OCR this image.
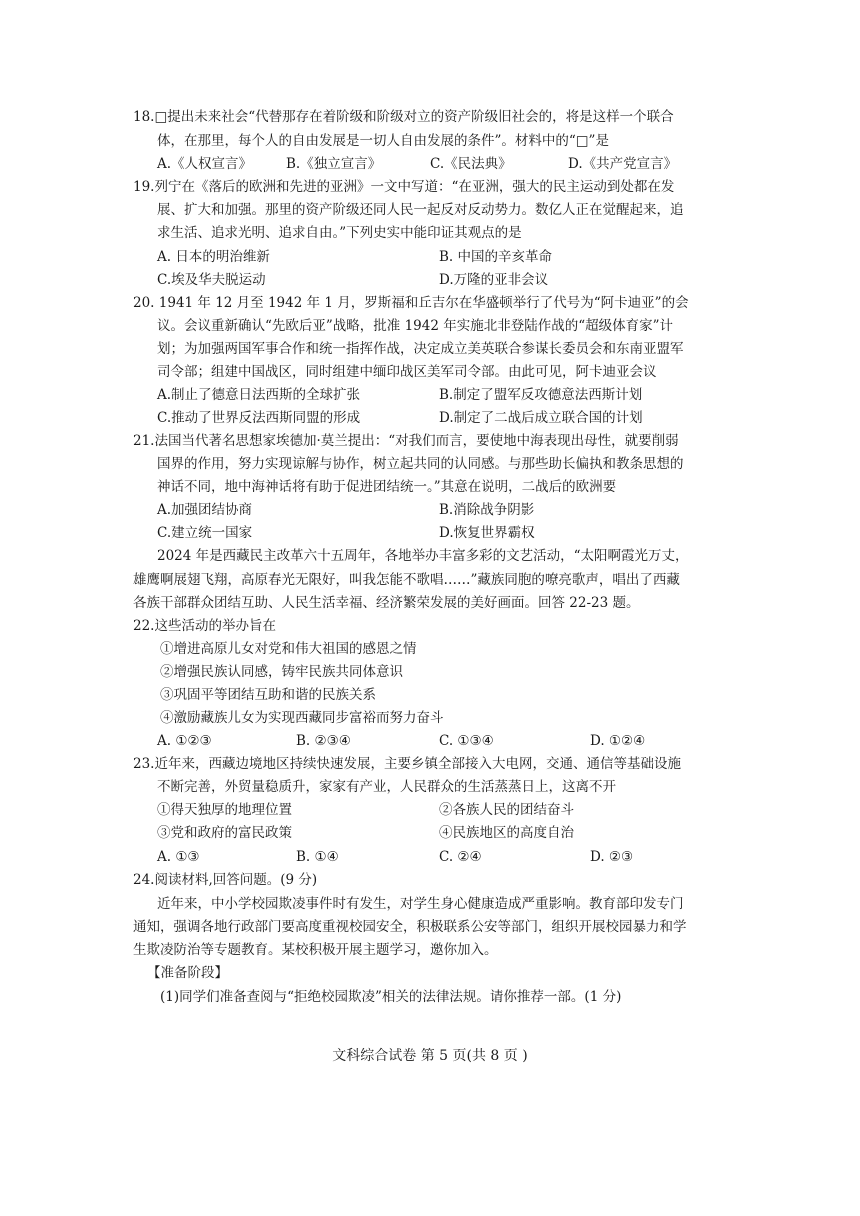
18.□提出未来社会“代替那存在着阶级和阶级对立的资产阶级旧社会的，将是这样一个联合
体，在那里，每个人的自由发展是一切人自由发展的条件”。材料中的“□”是
A.《人权宣言》	B.《独立宣言》	C.《民法典》	D.《共产党宣言》
19.列宁在《落后的欧洲和先进的亚洲》一文中写道：“在亚洲，强大的民主运动到处都在发
展、扩大和加强。那里的资产阶级还同人民一起反对反动势力。数亿人正在觉醒起来，追
求生活、追求光明、追求自由。”下列史实中能印证其观点的是
A. 日本的明治维新	B. 中国的辛亥革命
C.埃及华夫脱运动	D.万隆的亚非会议
20. 1941 年 12 月至 1942 年 1 月，罗斯福和丘吉尔在华盛顿举行了代号为“阿卡迪亚”的会
议。会议重新确认“先欧后亚”战略，批准 1942 年实施北非登陆作战的“超级体育家”计
划；为加强两国军事合作和统一指挥作战，决定成立美英联合参谋长委员会和东南亚盟军
司令部；组建中国战区，同时组建中缅印战区美军司令部。由此可见，阿卡迪亚会议
A.制止了德意日法西斯的全球扩张	B.制定了盟军反攻德意法西斯计划
C.推动了世界反法西斯同盟的形成	D.制定了二战后成立联合国的计划
21.法国当代著名思想家埃德加·莫兰提出：“对我们而言，要使地中海表现出母性，就要削弱
国界的作用，努力实现谅解与协作，树立起共同的认同感。与那些助长偏执和教条思想的
神话不同，地中海神话将有助于促进团结统一。”其意在说明，二战后的欧洲要
A.加强团结协商	B.消除战争阴影
C.建立统一国家	D.恢复世界霸权
2024 年是西藏民主改革六十五周年，各地举办丰富多彩的文艺活动，“太阳啊霞光万丈，
雄鹰啊展翅飞翔，高原春光无限好，叫我怎能不歌唱……”藏族同胞的嘹亮歌声，唱出了西藏
各族干部群众团结互助、人民生活幸福、经济繁荣发展的美好画面。回答 22-23 题。
22.这些活动的举办旨在
①增进高原儿女对党和伟大祖国的感恩之情
②增强民族认同感，铸牢民族共同体意识
③巩固平等团结互助和谐的民族关系
④激励藏族儿女为实现西藏同步富裕而努力奋斗
A. ①②③	B. ②③④	C. ①③④	D. ①②④
23.近年来，西藏边境地区持续快速发展，主要乡镇全部接入大电网，交通、通信等基础设施
不断完善，外贸量稳质升，家家有产业，人民群众的生活蒸蒸日上，这离不开
①得天独厚的地理位置	②各族人民的团结奋斗
③党和政府的富民政策	④民族地区的高度自治
A. ①③	B. ①④	C. ②④	D. ②③
24.阅读材料,回答问题。(9 分)
近年来，中小学校园欺凌事件时有发生，对学生身心健康造成严重影响。教育部印发专门
通知，强调各地行政部门要高度重视校园安全，积极联系公安等部门，组织开展校园暴力和学
生欺凌防治等专题教育。某校积极开展主题学习，邀你加入。
【准备阶段】
(1)同学们准备查阅与“拒绝校园欺凌”相关的法律法规。请你推荐一部。(1 分)
文科综合试卷 第 5 页(共 8 页 )
